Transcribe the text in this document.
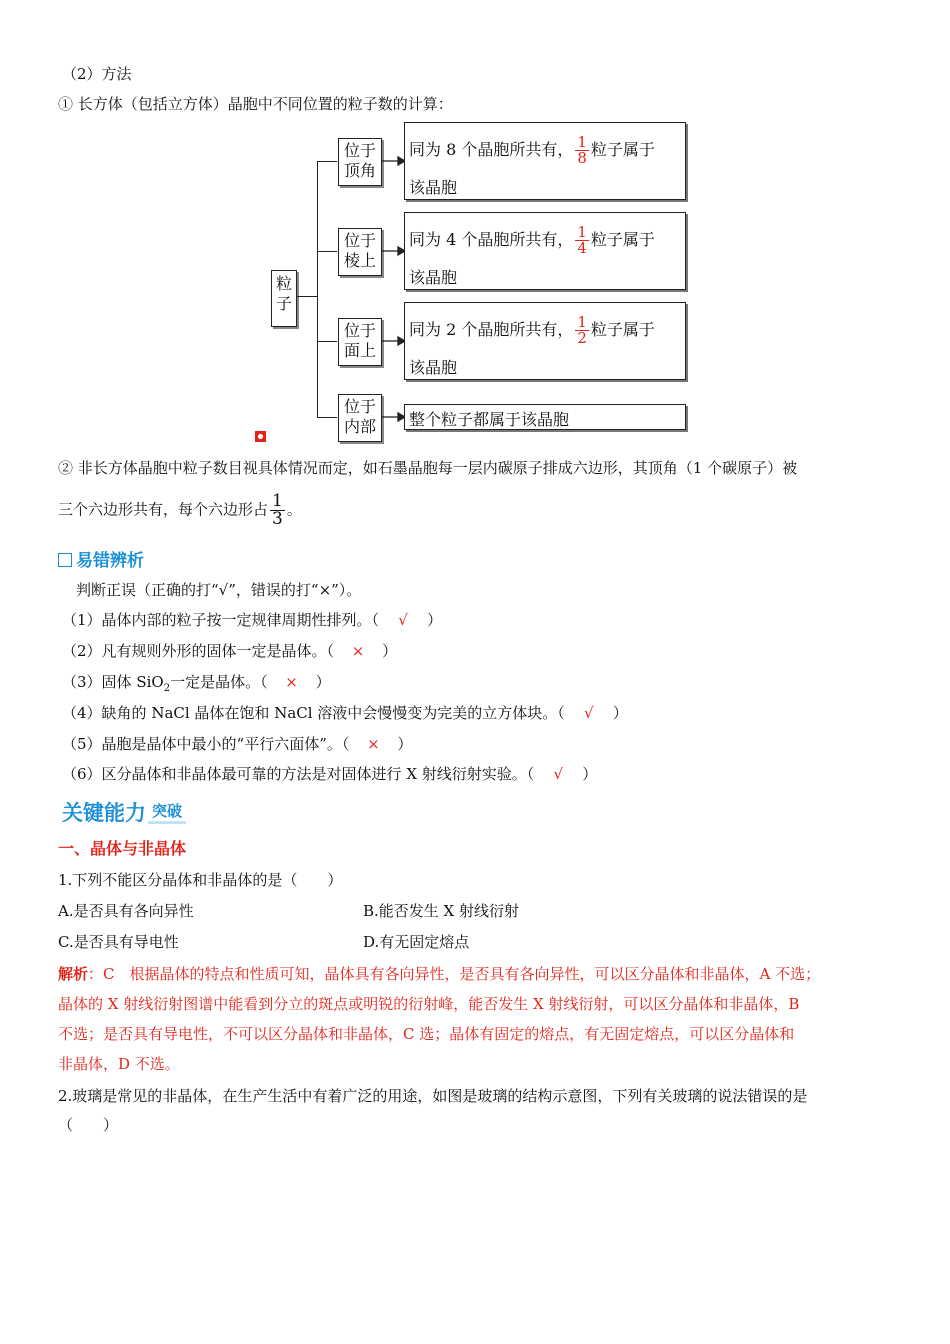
（2）方法
① 长方体（包括立方体）晶胞中不同位置的粒子数的计算：
粒
子
位于
顶角
位于
棱上
位于
面上
位于
内部
同为 8 个晶胞所共有， $\frac{1}{8}$ 粒子属于
该晶胞
同为 4 个晶胞所共有， $\frac{1}{4}$ 粒子属于
该晶胞
同为 2 个晶胞所共有， $\frac{1}{2}$ 粒子属于
该晶胞
整个粒子都属于该晶胞
② 非长方体晶胞中粒子数目视具体情况而定，如石墨晶胞每一层内碳原子排成六边形，其顶角（1 个碳原子）被
三个六边形共有，每个六边形占 $\frac{1}{3}$ 。
易错辨析
判断正误（正确的打“√”，错误的打“×”）。
（1）晶体内部的粒子按一定规律周期性排列。（ √ ）
（2）凡有规则外形的固体一定是晶体。（ × ）
（3）固体 SiO$_2$一定是晶体。（ × ）
（4）缺角的 NaCl 晶体在饱和 NaCl 溶液中会慢慢变为完美的立方体块。（ √ ）
（5）晶胞是晶体中最小的“平行六面体”。（ × ）
（6）区分晶体和非晶体最可靠的方法是对固体进行 X 射线衍射实验。（ √ ）
关键能力 突破
一、晶体与非晶体
1.下列不能区分晶体和非晶体的是（　　）
A.是否具有各向异性	B.能否发生 X 射线衍射
C.是否具有导电性	D.有无固定熔点
解析：C　根据晶体的特点和性质可知，晶体具有各向异性，是否具有各向异性，可以区分晶体和非晶体，A 不选；
晶体的 X 射线衍射图谱中能看到分立的斑点或明锐的衍射峰，能否发生 X 射线衍射，可以区分晶体和非晶体，B
不选；是否具有导电性，不可以区分晶体和非晶体，C 选；晶体有固定的熔点，有无固定熔点，可以区分晶体和
非晶体，D 不选。
2.玻璃是常见的非晶体，在生产生活中有着广泛的用途，如图是玻璃的结构示意图，下列有关玻璃的说法错误的是
（　　）
